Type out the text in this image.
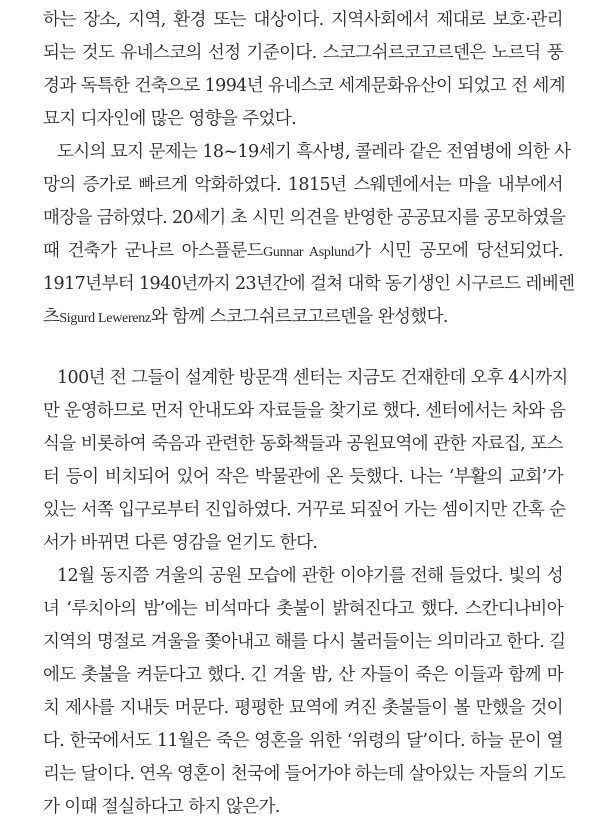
하는 장소, 지역, 환경 또는 대상이다. 지역사회에서 제대로 보호·관리
되는 것도 유네스코의 선정 기준이다. 스코그쉬르코고르덴은 노르딕 풍
경과 독특한 건축으로 1994년 유네스코 세계문화유산이 되었고 전 세계
묘지 디자인에 많은 영향을 주었다.
도시의 묘지 문제는 18~19세기 흑사병, 콜레라 같은 전염병에 의한 사
망의 증가로 빠르게 악화하였다. 1815년 스웨덴에서는 마을 내부에서
매장을 금하였다. 20세기 초 시민 의견을 반영한 공공묘지를 공모하였을
때 건축가 군나르 아스플룬드Gunnar Asplund가 시민 공모에 당선되었다.
1917년부터 1940년까지 23년간에 걸쳐 대학 동기생인 시구르드 레베렌
츠Sigurd Lewerenz와 함께 스코그쉬르코고르덴을 완성했다.
100년 전 그들이 설계한 방문객 센터는 지금도 건재한데 오후 4시까지
만 운영하므로 먼저 안내도와 자료들을 찾기로 했다. 센터에서는 차와 음
식을 비롯하여 죽음과 관련한 동화책들과 공원묘역에 관한 자료집, 포스
터 등이 비치되어 있어 작은 박물관에 온 듯했다. 나는 ‘부활의 교회’가
있는 서쪽 입구로부터 진입하였다. 거꾸로 되짚어 가는 셈이지만 간혹 순
서가 바뀌면 다른 영감을 얻기도 한다.
12월 동지쯤 겨울의 공원 모습에 관한 이야기를 전해 들었다. 빛의 성
녀 ‘루치아의 밤’에는 비석마다 촛불이 밝혀진다고 했다. 스칸디나비아
지역의 명절로 겨울을 쫓아내고 해를 다시 불러들이는 의미라고 한다. 길
에도 촛불을 켜둔다고 했다. 긴 겨울 밤, 산 자들이 죽은 이들과 함께 마
치 제사를 지내듯 머문다. 평평한 묘역에 켜진 촛불들이 볼 만했을 것이
다. 한국에서도 11월은 죽은 영혼을 위한 ‘위령의 달’이다. 하늘 문이 열
리는 달이다. 연옥 영혼이 천국에 들어가야 하는데 살아있는 자들의 기도
가 이때 절실하다고 하지 않은가.
